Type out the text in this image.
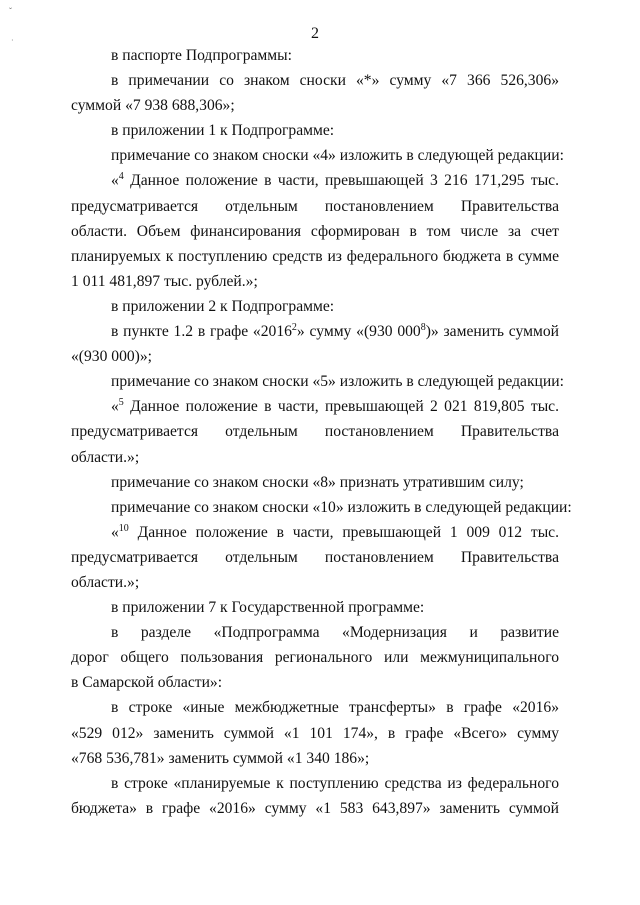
ˇ
·	2
в паспорте Подпрограммы:
в примечании со знаком сноски «*» сумму «7 366 526,306»
суммой «7 938 688,306»;
в приложении 1 к Подпрограмме:
примечание со знаком сноски «4» изложить в следующей редакции:
«$^4$ Данное положение в части, превышающей 3 216 171,295 тыс.
предусматривается отдельным постановлением Правительства
области. Объем финансирования сформирован в том числе за счет
планируемых к поступлению средств из федерального бюджета в сумме
1 011 481,897 тыс. рублей.»;
в приложении 2 к Подпрограмме:
в пункте 1.2 в графе «2016$^2$» сумму «(930 $000^8$)» заменить суммой
«(930 000)»;
примечание со знаком сноски «5» изложить в следующей редакции:
«$^5$ Данное положение в части, превышающей 2 021 819,805 тыс.
предусматривается отдельным постановлением Правительства
области.»;
примечание со знаком сноски «8» признать утратившим силу;
примечание со знаком сноски «10» изложить в следующей редакции:
«$^{10}$ Данное положение в части, превышающей 1 009 012 тыс.
предусматривается отдельным постановлением Правительства
области.»;
в приложении 7 к Государственной программе:
в разделе «Подпрограмма «Модернизация и развитие
дорог общего пользования регионального или межмуниципального
в Самарской области»:
в строке «иные межбюджетные трансферты» в графе «2016»
«529 012» заменить суммой «1 101 174», в графе «Всего» сумму
«768 536,781» заменить суммой «1 340 186»;
в строке «планируемые к поступлению средства из федерального
бюджета» в графе «2016» сумму «1 583 643,897» заменить суммой
